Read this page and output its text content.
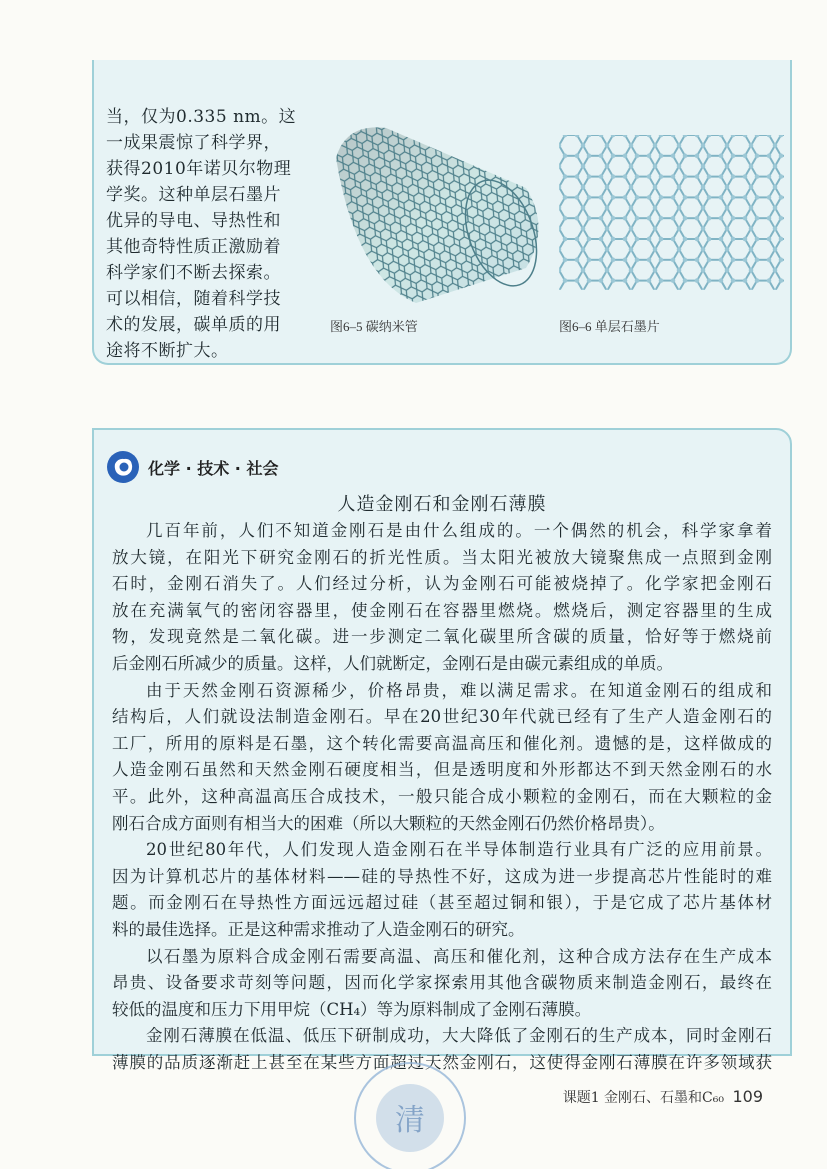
当，仅为0.335 nm。这
一成果震惊了科学界，
获得2010年诺贝尔物理
学奖。这种单层石墨片
优异的导电、导热性和
其他奇特性质正激励着
科学家们不断去探索。
可以相信，随着科学技
术的发展，碳单质的用
途将不断扩大。
图6–5 碳纳米管	图6–6 单层石墨片
化学 · 技术 · 社会
人造金刚石和金刚石薄膜
几百年前，人们不知道金刚石是由什么组成的。一个偶然的机会，科学家拿着
放大镜，在阳光下研究金刚石的折光性质。当太阳光被放大镜聚焦成一点照到金刚
石时，金刚石消失了。人们经过分析，认为金刚石可能被烧掉了。化学家把金刚石
放在充满氧气的密闭容器里，使金刚石在容器里燃烧。燃烧后，测定容器里的生成
物，发现竟然是二氧化碳。进一步测定二氧化碳里所含碳的质量，恰好等于燃烧前
后金刚石所减少的质量。这样，人们就断定，金刚石是由碳元素组成的单质。
由于天然金刚石资源稀少，价格昂贵，难以满足需求。在知道金刚石的组成和
结构后，人们就设法制造金刚石。早在20世纪30年代就已经有了生产人造金刚石的
工厂，所用的原料是石墨，这个转化需要高温高压和催化剂。遗憾的是，这样做成的
人造金刚石虽然和天然金刚石硬度相当，但是透明度和外形都达不到天然金刚石的水
平。此外，这种高温高压合成技术，一般只能合成小颗粒的金刚石，而在大颗粒的金
刚石合成方面则有相当大的困难（所以大颗粒的天然金刚石仍然价格昂贵）。
20世纪80年代，人们发现人造金刚石在半导体制造行业具有广泛的应用前景。
因为计算机芯片的基体材料——硅的导热性不好，这成为进一步提高芯片性能时的难
题。而金刚石在导热性方面远远超过硅（甚至超过铜和银），于是它成了芯片基体材
料的最佳选择。正是这种需求推动了人造金刚石的研究。
以石墨为原料合成金刚石需要高温、高压和催化剂，这种合成方法存在生产成本
昂贵、设备要求苛刻等问题，因而化学家探索用其他含碳物质来制造金刚石，最终在
较低的温度和压力下用甲烷（CH₄）等为原料制成了金刚石薄膜。
金刚石薄膜在低温、低压下研制成功，大大降低了金刚石的生产成本，同时金刚石
薄膜的品质逐渐赶上甚至在某些方面超过天然金刚石，这使得金刚石薄膜在许多领域获
清
课题1 金刚石、石墨和C₆₀ 109
